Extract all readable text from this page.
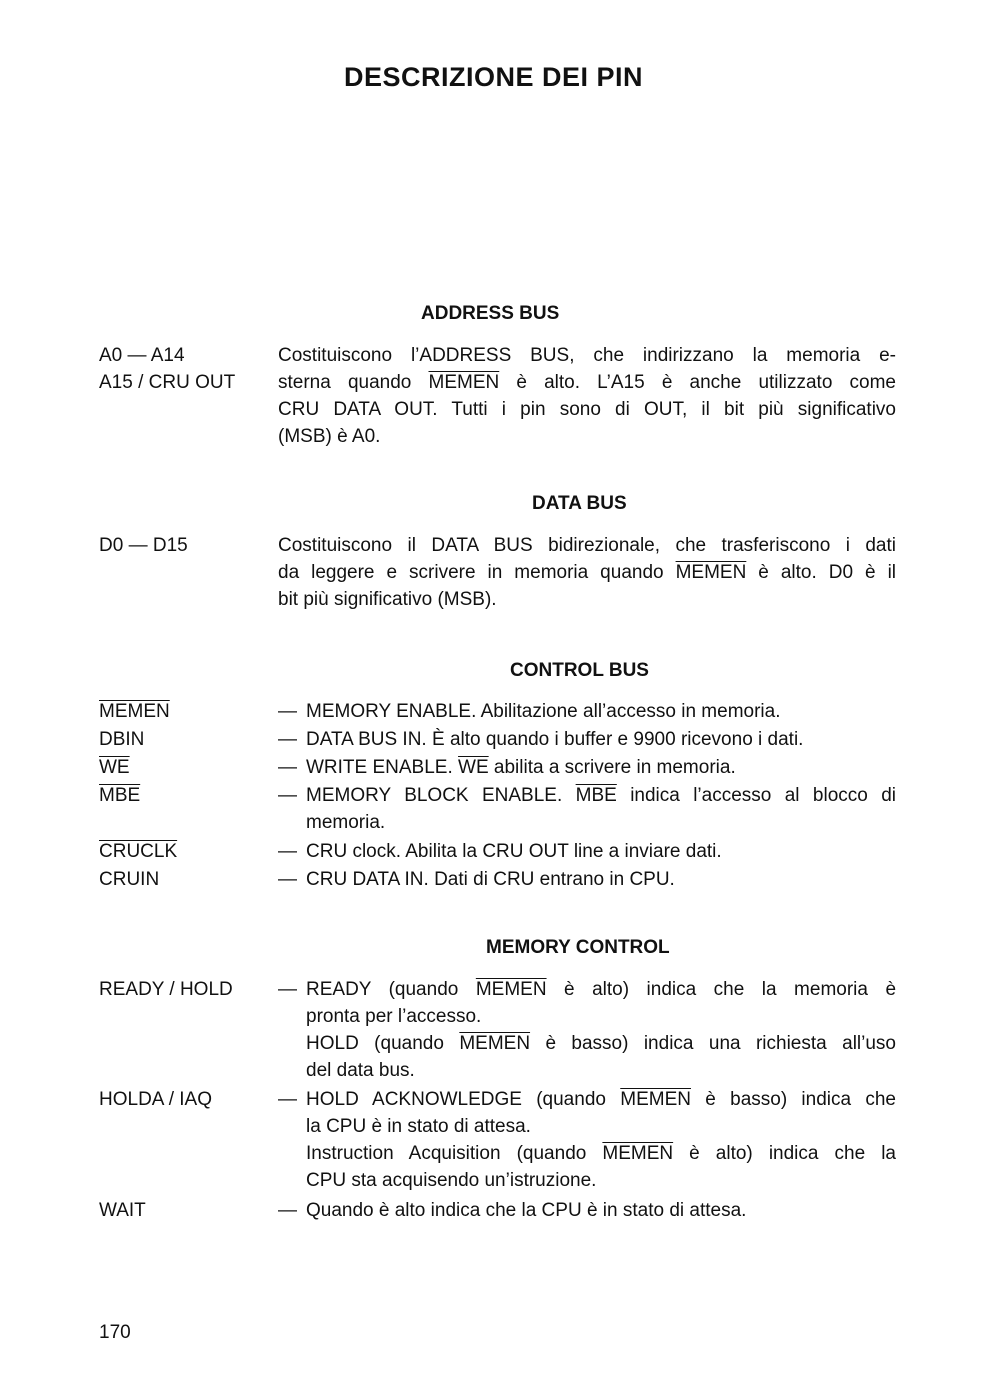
DESCRIZIONE DEI PIN
ADDRESS BUS
A0 — A14
A15 / CRU OUT
Costituiscono l’ADDRESS BUS, che indirizzano la memoria e-
sterna quando MEMEN è alto. L’A15 è anche utilizzato come
CRU DATA OUT. Tutti i pin sono di OUT, il bit più significativo
(MSB) è A0.
DATA BUS
D0 — D15	Costituiscono il DATA BUS bidirezionale, che trasferiscono i dati
da leggere e scrivere in memoria quando MEMEN è alto. D0 è il
bit più significativo (MSB).
CONTROL BUS
MEMEN	— MEMORY ENABLE. Abilitazione all’accesso in memoria.
DBIN	— DATA BUS IN. È alto quando i buffer e 9900 ricevono i dati.
$\overline{WE}$	— WRITE ENABLE. $\overline{WE}$ abilita a scrivere in memoria.
$\overline{MBE}$	— MEMORY BLOCK ENABLE. $\overline{MBE}$ indica l’accesso al blocco di
memoria.
CRUCLK	— CRU clock. Abilita la CRU OUT line a inviare dati.
CRUIN	— CRU DATA IN. Dati di CRU entrano in CPU.
MEMORY CONTROL
READY / HOLD — READY (quando MEMEN è alto) indica che la memoria è
pronta per l’accesso.
HOLD (quando MEMEN è basso) indica una richiesta all’uso
del data bus.
HOLDA / IAQ	— HOLD ACKNOWLEDGE (quando MEMEN è basso) indica che
la CPU è in stato di attesa.
Instruction Acquisition (quando MEMEN è alto) indica che la
CPU sta acquisendo un’istruzione.
WAIT	— Quando è alto indica che la CPU è in stato di attesa.
170
